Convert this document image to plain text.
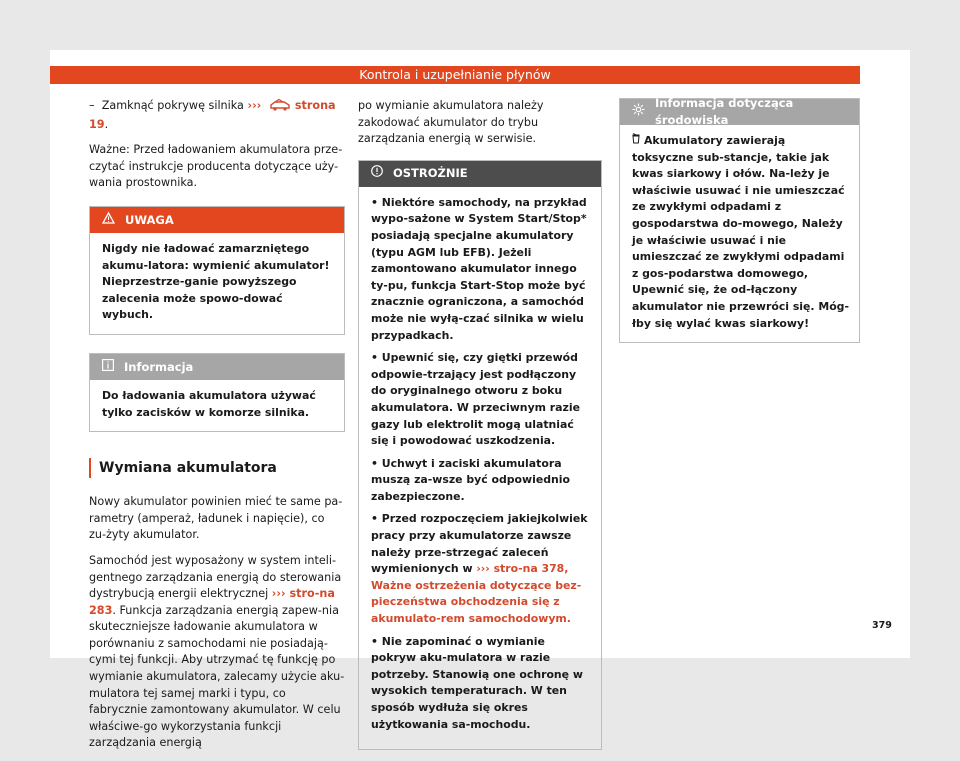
Kontrola i uzupełnianie płynów

– Zamknąć pokrywę silnika ›››	strona 19.

Ważne: Przed ładowaniem akumulatora prze-czytać instrukcje producenta dotyczące uży-wania prostownika.

UWAGA
Nigdy nie ładować zamarzniętego akumu-latora: wymienić akumulator! Nieprzestrze-ganie powyższego zalecenia może spowo-dować wybuch.
Informacja
Do ładowania akumulatora używać tylko zacisków w komorze silnika.
Wymiana akumulatora

Nowy akumulator powinien mieć te same pa-rametry (amperaż, ładunek i napięcie), co zu-żyty akumulator.

Samochód jest wyposażony w system inteli-gentnego zarządzania energią do sterowania dystrybucją energii elektrycznej ››› stro-na 283. Funkcja zarządzania energią zapew-nia skuteczniejsze ładowanie akumulatora w porównaniu z samochodami nie posiadają-cymi tej funkcji. Aby utrzymać tę funkcję po wymianie akumulatora, zalecamy użycie aku-mulatora tej samej marki i typu, co fabrycznie zamontowany akumulator. W celu właściwe-go wykorzystania funkcji zarządzania energią

po wymianie akumulatora należy zakodować akumulator do trybu zarządzania energią w serwisie.

OSTROŻNIE
• Niektóre samochody, na przykład wypo-sażone w System Start/Stop* posiadają specjalne akumulatory (typu AGM lub EFB). Jeżeli zamontowano akumulator innego ty-pu, funkcja Start-Stop może być znacznie ograniczona, a samochód może nie wyłą-czać silnika w wielu przypadkach.
• Upewnić się, czy giętki przewód odpowie-trzający jest podłączony do oryginalnego otworu z boku akumulatora. W przeciwnym razie gazy lub elektrolit mogą ulatniać się i powodować uszkodzenia.
• Uchwyt i zaciski akumulatora muszą za-wsze być odpowiednio zabezpieczone.
• Przed rozpoczęciem jakiejkolwiek pracy przy akumulatorze zawsze należy prze-strzegać zaleceń wymienionych w ››› stro-na 378, Ważne ostrzeżenia dotyczące bez-pieczeństwa obchodzenia się z akumulato-rem samochodowym.
• Nie zapominać o wymianie pokryw aku-mulatora w razie potrzeby. Stanowią one ochronę w wysokich temperaturach. W ten sposób wydłuża się okres użytkowania sa-mochodu.
Informacja dotycząca środowiska
Akumulatory zawierają toksyczne sub-stancje, takie jak kwas siarkowy i ołów. Na-leży je właściwie usuwać i nie umieszczać ze zwykłymi odpadami z gospodarstwa do-mowego, Należy je właściwie usuwać i nie umieszczać ze zwykłymi odpadami z gos-podarstwa domowego, Upewnić się, że od-łączony akumulator nie przewróci się. Móg-łby się wylać kwas siarkowy!
379
